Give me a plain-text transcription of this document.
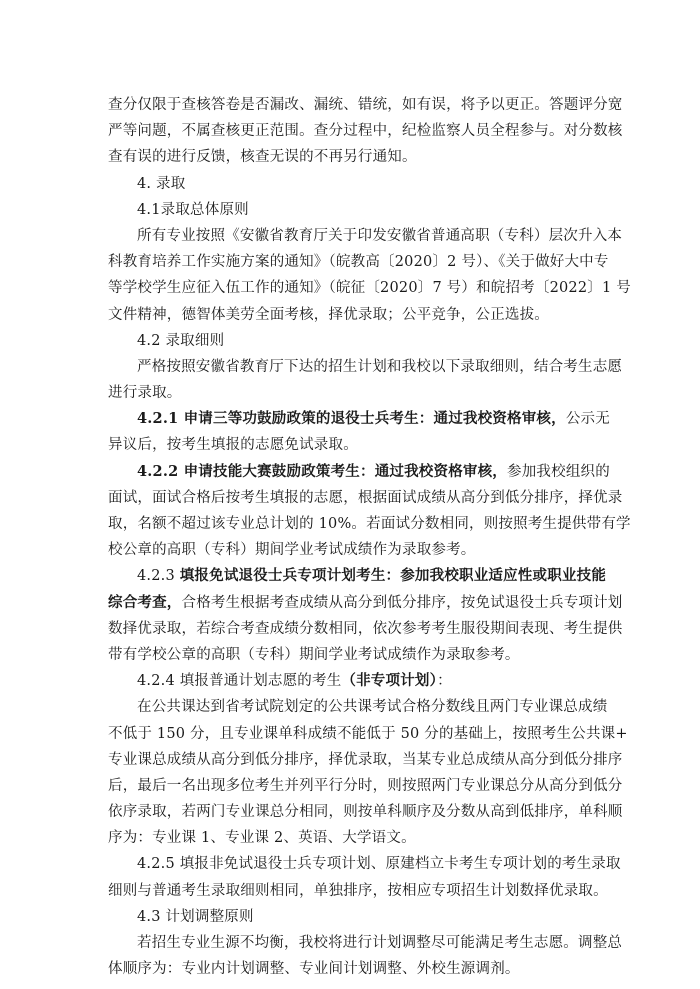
查分仅限于查核答卷是否漏改、漏统、错统，如有误，将予以更正。答题评分宽
严等问题，不属查核更正范围。查分过程中，纪检监察人员全程参与。对分数核
查有误的进行反馈，核查无误的不再另行通知。
4. 录取
4.1录取总体原则
所有专业按照《安徽省教育厅关于印发安徽省普通高职（专科）层次升入本
科教育培养工作实施方案的通知》（皖教高〔2020〕2 号）、《关于做好大中专
等学校学生应征入伍工作的通知》（皖征〔2020〕7 号）和皖招考〔2022〕1 号
文件精神，德智体美劳全面考核，择优录取；公平竞争，公正选拔。
4.2 录取细则
严格按照安徽省教育厅下达的招生计划和我校以下录取细则，结合考生志愿
进行录取。
4.2.1 申请三等功鼓励政策的退役士兵考生：通过我校资格审核，公示无
异议后，按考生填报的志愿免试录取。
4.2.2 申请技能大赛鼓励政策考生：通过我校资格审核，参加我校组织的
面试，面试合格后按考生填报的志愿，根据面试成绩从高分到低分排序，择优录
取，名额不超过该专业总计划的 10%。若面试分数相同，则按照考生提供带有学
校公章的高职（专科）期间学业考试成绩作为录取参考。
4.2.3 填报免试退役士兵专项计划考生：参加我校职业适应性或职业技能
综合考查，合格考生根据考查成绩从高分到低分排序，按免试退役士兵专项计划
数择优录取，若综合考查成绩分数相同，依次参考考生服役期间表现、考生提供
带有学校公章的高职（专科）期间学业考试成绩作为录取参考。
4.2.4 填报普通计划志愿的考生（非专项计划）：
在公共课达到省考试院划定的公共课考试合格分数线且两门专业课总成绩
不低于 150 分，且专业课单科成绩不能低于 50 分的基础上，按照考生公共课+
专业课总成绩从高分到低分排序，择优录取，当某专业总成绩从高分到低分排序
后，最后一名出现多位考生并列平行分时，则按照两门专业课总分从高分到低分
依序录取，若两门专业课总分相同，则按单科顺序及分数从高到低排序，单科顺
序为：专业课 1、专业课 2、英语、大学语文。
4.2.5 填报非免试退役士兵专项计划、原建档立卡考生专项计划的考生录取
细则与普通考生录取细则相同，单独排序，按相应专项招生计划数择优录取。
4.3 计划调整原则
若招生专业生源不均衡，我校将进行计划调整尽可能满足考生志愿。调整总
体顺序为：专业内计划调整、专业间计划调整、外校生源调剂。
